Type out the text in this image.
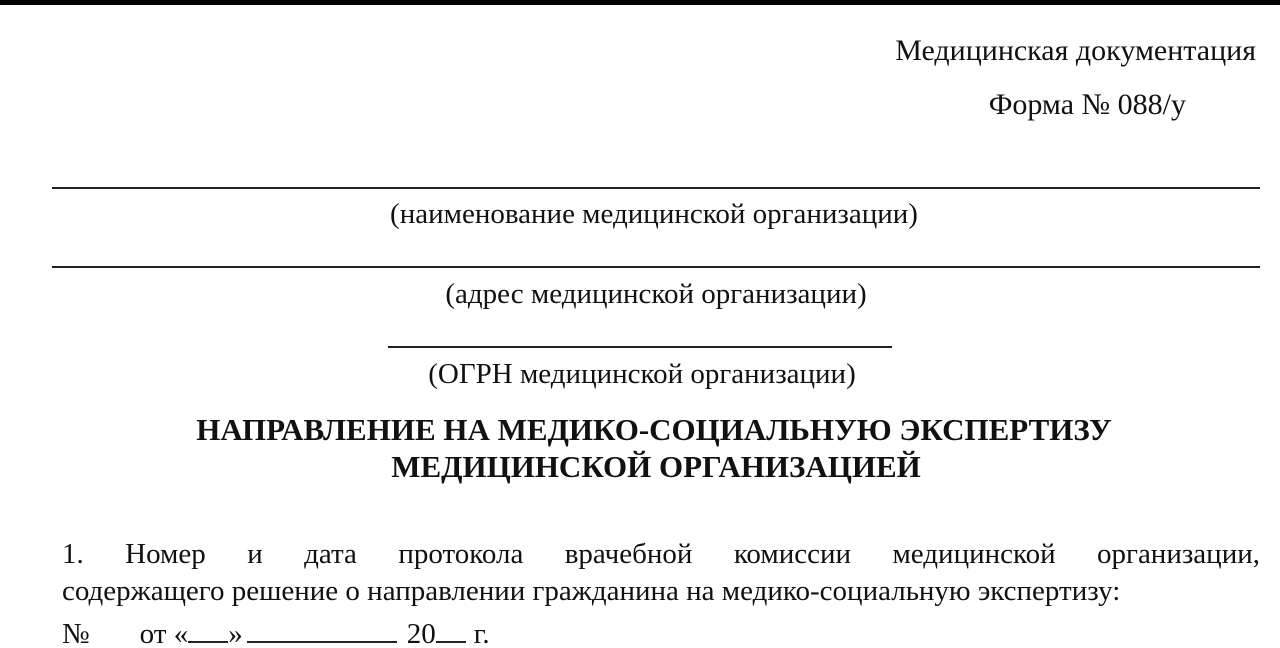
Медицинская документация
Форма № 088/у
(наименование медицинской организации)
(адрес медицинской организации)
(ОГРН медицинской организации)
НАПРАВЛЕНИЕ НА МЕДИКО-СОЦИАЛЬНУЮ ЭКСПЕРТИЗУ
МЕДИЦИНСКОЙ ОРГАНИЗАЦИЕЙ
1. Номер и дата протокола врачебной комиссии медицинской организации,
содержащего решение о направлении гражданина на медико-социальную экспертизу:
№ от « »	20 г.
